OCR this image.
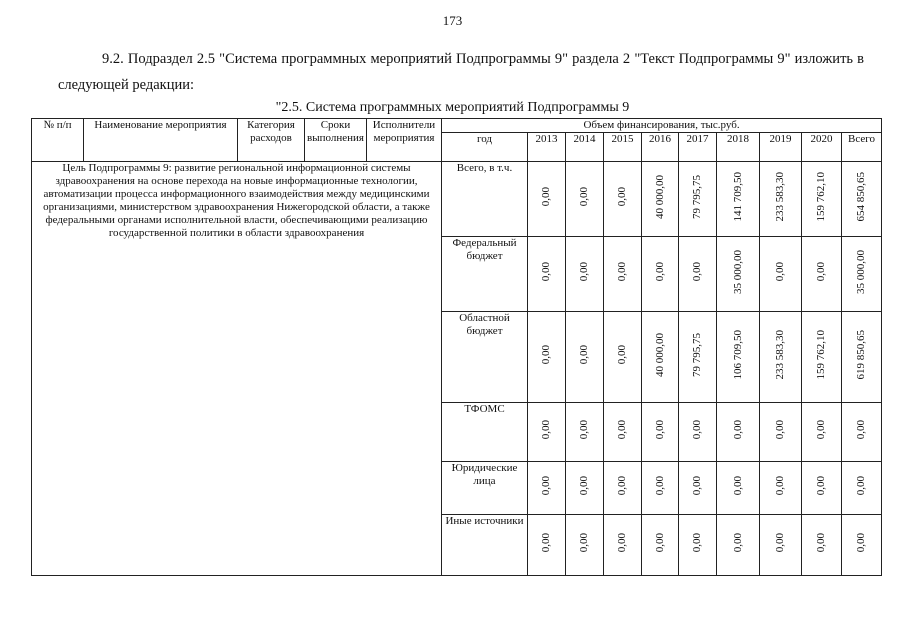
173
9.2. Подраздел 2.5 "Система программных мероприятий Подпрограммы 9" раздела 2 "Текст Подпрограммы 9" изложить в следующей редакции:
"2.5. Система программных мероприятий Подпрограммы 9
№ п/п	Наименование мероприятия	Категория расходов	Сроки выполнения	Исполнители мероприятия	Объем финансирования, тыс.руб.									
					год	2013	2014	2015	2016	2017	2018	2019	2020	Всего
Цель Подпрограммы 9: развитие региональной информационной системы здравоохранения на основе перехода на новые информационные технологии, автоматизации процесса информационного взаимодействия между медицинскими организациями, министерством здравоохранения Нижегородской области, а также федеральными органами исполнительной власти, обеспечивающими реализацию государственной политики в области здравоохранения					Всего, в т.ч.	0,00	0,00	0,00	40 000,00	79 795,75	141 709,50	233 583,30	159 762,10	654 850,65
					Федеральный бюджет	0,00	0,00	0,00	0,00	0,00	35 000,00	0,00	0,00	35 000,00
					Областной бюджет	0,00	0,00	0,00	40 000,00	79 795,75	106 709,50	233 583,30	159 762,10	619 850,65
					ТФОМС	0,00	0,00	0,00	0,00	0,00	0,00	0,00	0,00	0,00
					Юридические лица	0,00	0,00	0,00	0,00	0,00	0,00	0,00	0,00	0,00
					Иные источники	0,00	0,00	0,00	0,00	0,00	0,00	0,00	0,00	0,00
